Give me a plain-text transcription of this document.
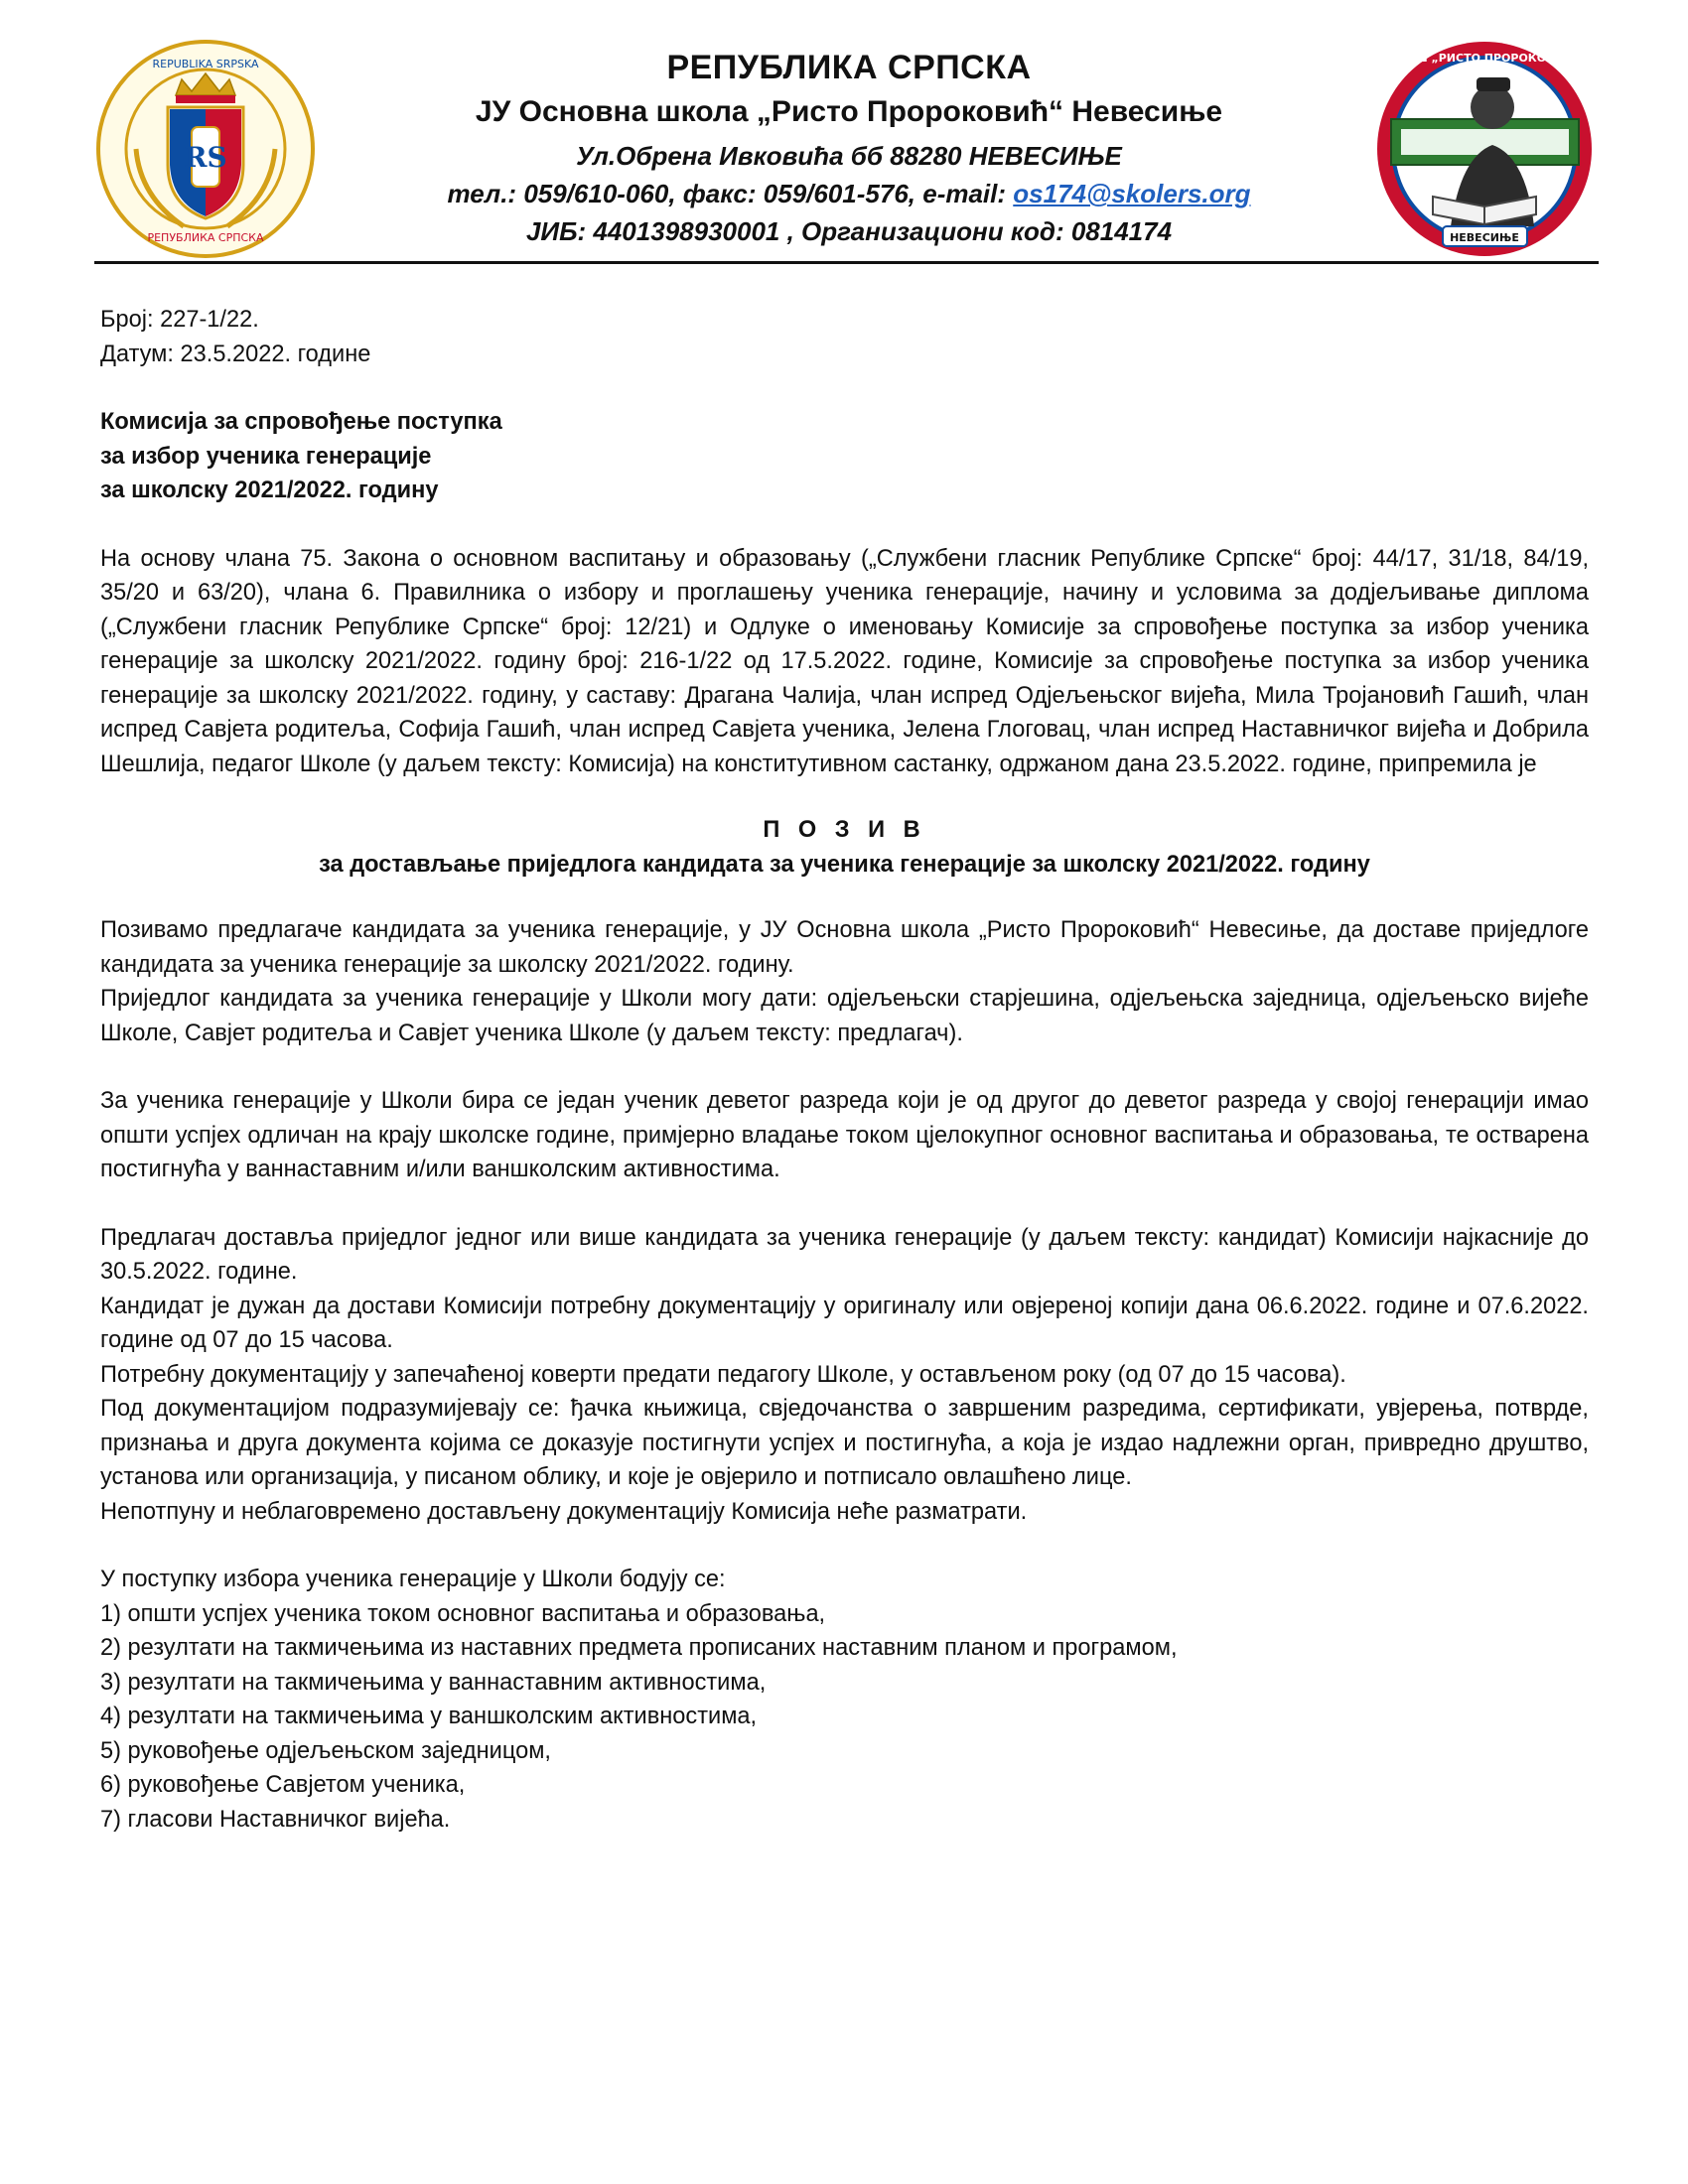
РЕПУБЛИКА СРПСКА
REPUBLIKA SRPSKA
RS
РЕПУБЛИКА СРПСКА
ЈУ Основна школа „Ристо Пророковић“ Невесиње
Ул.Обрена Ивковића бб 88280 НЕВЕСИЊЕ
тел.: 059/610-060, факс: 059/601-576, e-mail: os174@skolers.org
ЈИБ: 4401398930001 , Организациони код: 0814174
ЈУ ОШ „РИСТО ПРОРОКОВИЋ“
НЕВЕСИЊЕ

Број: 227-1/22.

Датум: 23.5.2022. године

Комисија за спровођење поступка

за избор ученика генерације

за школску 2021/2022. годину

На основу члана 75. Закона о основном васпитању и образовању („Службени гласник Републике Српске“ број: 44/17, 31/18, 84/19, 35/20 и 63/20), члана 6. Правилника о избору и проглашењу ученика генерације, начину и условима за додјељивање диплома („Службени гласник Републике Српске“ број: 12/21) и Одлуке о именовању Комисије за спровођење поступка за избор ученика генерације за школску 2021/2022. годину број: 216-1/22 од 17.5.2022. године, Комисије за спровођење поступка за избор ученика генерације за школску 2021/2022. годину, у саставу: Драгана Чалија, члан испред Одјељењског вијећа, Мила Тројановић Гашић, члан испред Савјета родитеља, Софија Гашић, члан испред Савјета ученика, Јелена Глоговац, члан испред Наставничког вијећа и Добрила Шешлија, педагог Школе (у даљем тексту: Комисија) на конститутивном састанку, одржаном дана 23.5.2022. године, припремила је

П О З И В

за достављање приједлога кандидата за ученика генерације за школску 2021/2022. годину

Позивамо предлагаче кандидата за ученика генерације, у ЈУ Основна школа „Ристо Пророковић“ Невесиње, да доставе приједлоге кандидата за ученика генерације за школску 2021/2022. годину.

Приједлог кандидата за ученика генерације у Школи могу дати: одјељењски старјешина, одјељењска заједница, одјељењско вијеће Школе, Савјет родитеља и Савјет ученика Школе (у даљем тексту: предлагач).

За ученика генерације у Школи бира се један ученик деветог разреда који је од другог до деветог разреда у својој генерацији имао општи успјех одличан на крају школске године, примјерно владање током цјелокупног основног васпитања и образовања, те остварена постигнућа у ваннаставним и/или ваншколским активностима.

Предлагач доставља приједлог једног или више кандидата за ученика генерације (у даљем тексту: кандидат) Комисији најкасније до 30.5.2022. године.

Кандидат је дужан да достави Комисији потребну документацију у оригиналу или овјереној копији дана 06.6.2022. године и 07.6.2022. године од 07 до 15 часова.

Потребну документацију у запечаћеној коверти предати педагогу Школе, у остављеном року (од 07 до 15 часова).

Под документацијом подразумијевају се: ђачка књижица, свједочанства о завршеним разредима, сертификати, увјерења, потврде, признања и друга документа којима се доказује постигнути успјех и постигнућа, а која је издао надлежни орган, привредно друштво, установа или организација, у писаном облику, и које је овјерило и потписало овлашћено лице.

Непотпуну и неблаговремено достављену документацију Комисија неће разматрати.

У поступку избора ученика генерације у Школи бодују се:

1) општи успјех ученика током основног васпитања и образовања,
2) резултати на такмичењима из наставних предмета прописаних наставним планом и програмом,
3) резултати на такмичењима у ваннаставним активностима,
4) резултати на такмичењима у ваншколским активностима,
5) руковођење одјељењском заједницом,
6) руковођење Савјетом ученика,
7) гласови Наставничког вијећа.
